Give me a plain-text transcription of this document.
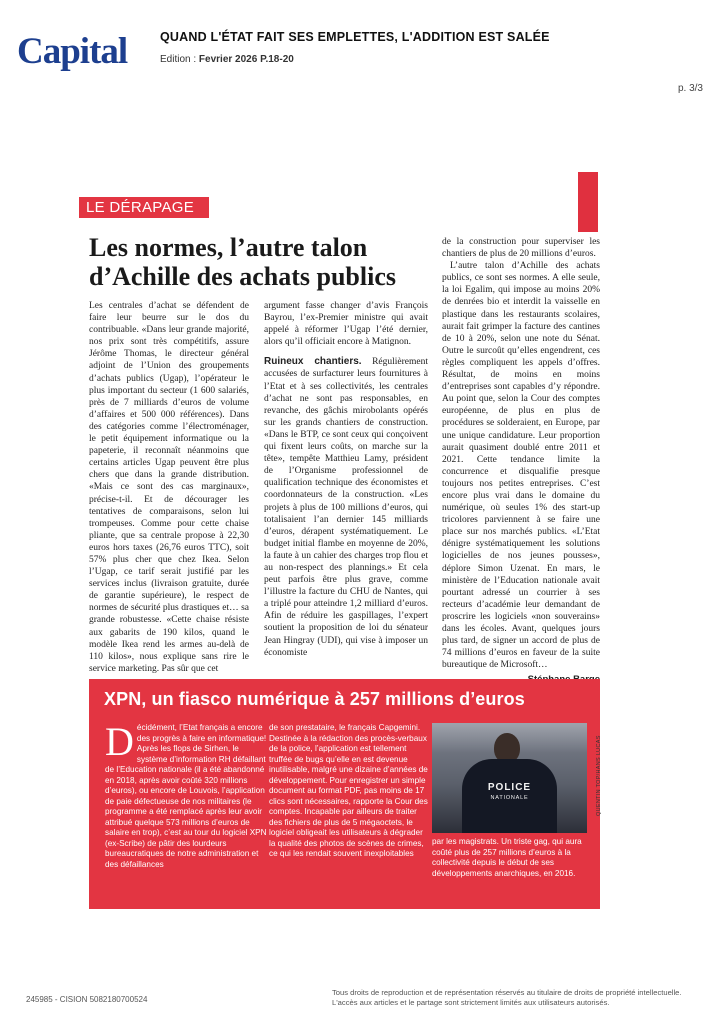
Capital	QUAND L'ÉTAT FAIT SES EMPLETTES, L'ADDITION EST SALÉE
Edition : Fevrier 2026 P.18-20
p. 3/3
LE DÉRAPAGE
Les normes, l’autre talon d’Achille des achats publics

Les centrales d’achat se défendent de faire leur beurre sur le dos du contribuable. «Dans leur grande majorité, nos prix sont très compétitifs, assure Jérôme Thomas, le directeur général adjoint de l’Union des groupements d’achats publics (Ugap), l’opérateur le plus important du secteur (1 600 salariés, près de 7 milliards d’euros de volume d’affaires et 500 000 références). Dans des catégories comme l’électroménager, le petit équipement informatique ou la papeterie, il reconnaît néanmoins que certains articles Ugap peuvent être plus chers que dans la grande distribution. «Mais ce sont des cas marginaux», précise-t-il. Et de décourager les tentatives de comparaisons, selon lui trompeuses. Comme pour cette chaise pliante, que sa centrale propose à 22,30 euros hors taxes (26,76 euros TTC), soit 57% plus cher que chez Ikea. Selon l’Ugap, ce tarif serait justifié par les services inclus (livraison gratuite, durée de garantie supérieure), le respect de normes de sécurité plus drastiques et… sa grande robustesse. «Cette chaise résiste aux gabarits de 190 kilos, quand le modèle Ikea rend les armes au-delà de 110 kilos», nous explique sans rire le service marketing. Pas sûr que cet

argument fasse changer d’avis François Bayrou, l’ex-Premier ministre qui avait appelé à réformer l’Ugap l’été dernier, alors qu’il officiait encore à Matignon.

Ruineux chantiers. Régulièrement accusées de surfacturer leurs fournitures à l’Etat et à ses collectivités, les centrales d’achat ne sont pas responsables, en revanche, des gâchis mirobolants opérés sur les grands chantiers de construction. «Dans le BTP, ce sont ceux qui conçoivent qui fixent leurs coûts, on marche sur la tête», tempête Matthieu Lamy, président de l’Organisme professionnel de qualification technique des économistes et coordonnateurs de la construction. «Les projets à plus de 100 millions d’euros, qui totalisaient l’an dernier 145 milliards d’euros, dérapent systématiquement. Le budget initial flambe en moyenne de 20%, la faute à un cahier des charges trop flou et au non-respect des plannings.» Et cela peut parfois être plus grave, comme l’illustre la facture du CHU de Nantes, qui a triplé pour atteindre 1,2 milliard d’euros. Afin de réduire les gaspillages, l’expert soutient la proposition de loi du sénateur Jean Hingray (UDI), qui vise à imposer un économiste

de la construction pour superviser les chantiers de plus de 20 millions d’euros.

L’autre talon d’Achille des achats publics, ce sont ses normes. A elle seule, la loi Egalim, qui impose au moins 20% de denrées bio et interdit la vaisselle en plastique dans les restaurants scolaires, aurait fait grimper la facture des cantines de 10 à 20%, selon une note du Sénat. Outre le surcoût qu’elles engendrent, ces règles compliquent les appels d’offres. Résultat, de moins en moins d’entreprises sont capables d’y répondre. Au point que, selon la Cour des comptes européenne, de plus en plus de procédures se solderaient, en Europe, par une unique candidature. Leur proportion aurait quasiment doublé entre 2011 et 2021. Cette tendance limite la concurrence et disqualifie presque toujours nos petites entreprises. C’est encore plus vrai dans le domaine du numérique, où seules 1% des start-up tricolores parviennent à se faire une place sur nos marchés publics. «L’Etat dénigre systématiquement les solutions logicielles de nos jeunes pousses», déplore Simon Uzenat. En mars, le ministère de l’Education nationale avait pourtant adressé un courrier à ses recteurs d’académie leur demandant de proscrire les logiciels «non souverains» dans les écoles. Avant, quelques jours plus tard, de signer un accord de plus de 74 millions d’euros en faveur de la suite bureautique de Microsoft…

XPN, un fiasco numérique à 257 millions d’euros
D écidément, l’Etat français a encore des progrès à faire en informatique! Après les flops de Sirhen, le système d’information RH défaillant de l’Education nationale (il a été abandonné en 2018, après avoir coûté 320 millions d’euros), ou encore de Louvois, l’application de paie défectueuse de nos militaires (le programme a été remplacé après leur avoir attribué quelque 573 millions d’euros de salaire en trop), c’est au tour du logiciel XPN (ex-Scribe) de pâtir des lourdeurs bureaucratiques de notre administration et des défaillances

de son prestataire, le français Capgemini. Destinée à la rédaction des procès-verbaux de la police, l’application est tellement truffée de bugs qu’elle en est devenue inutilisable, malgré une dizaine d’années de développement. Pour enregistrer un simple document au format PDF, pas moins de 17 clics sont nécessaires, rapporte la Cour des comptes. Incapable par ailleurs de traiter des fichiers de plus de 5 mégaoctets, le logiciel obligeait les utilisateurs à dégrader la qualité des photos de scènes de crimes, ce qui les rendait souvent inexploitables

POLICE
NATIONALE

par les magistrats. Un triste gag, qui aura coûté plus de 257 millions d’euros à la collectivité depuis le début de ses développements anarchiques, en 2016.

QUENTIN TOP/HANS LUCAS
245985 - CISION 5082180700524
Tous droits de reproduction et de représentation réservés au titulaire de droits de propriété intellectuelle. L'accès aux articles et le partage sont strictement limités aux utilisateurs autorisés.
